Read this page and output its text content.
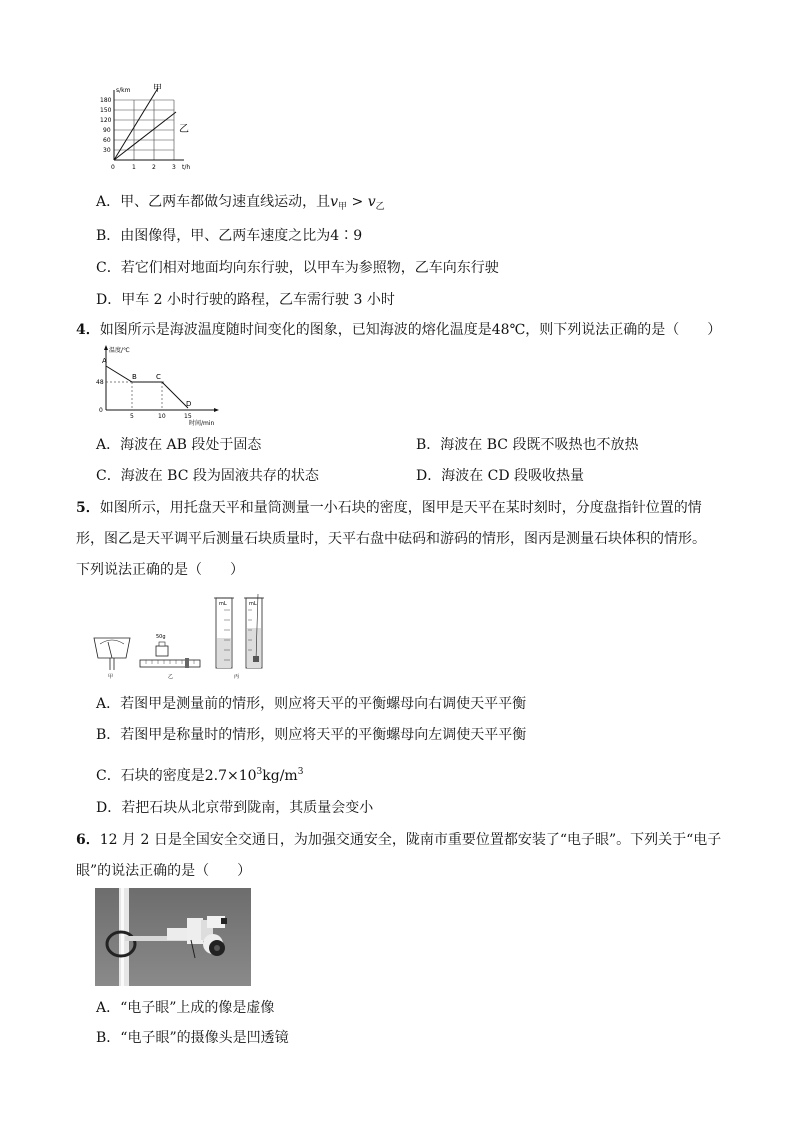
s/km	甲
乙
180
150
120
90
60
30
0	1	2	3 t/h
A．甲、乙两车都做匀速直线运动，且$v_甲 > v_乙$
B．由图像得，甲、乙两车速度之比为4∶9
C．若它们相对地面均向东行驶，以甲车为参照物，乙车向东行驶
D．甲车 2 小时行驶的路程，乙车需行驶 3 小时
4．如图所示是海波温度随时间变化的图象，已知海波的熔化温度是48℃，则下列说法正确的是（　　）
温度/℃
A
B	C
D
48
0
5	10	15
时间/min
A．海波在 AB 段处于固态	B．海波在 BC 段既不吸热也不放热
C．海波在 BC 段为固液共存的状态	D．海波在 CD 段吸收热量
5．如图所示，用托盘天平和量筒测量一小石块的密度，图甲是天平在某时刻时，分度盘指针位置的情
形，图乙是天平调平后测量石块质量时，天平右盘中砝码和游码的情形，图丙是测量石块体积的情形。
下列说法正确的是（　　）
甲
50g
乙
mL	mL
丙
A．若图甲是测量前的情形，则应将天平的平衡螺母向右调使天平平衡
B．若图甲是称量时的情形，则应将天平的平衡螺母向左调使天平平衡
C．石块的密度是$2.7\times 10^3kg/m^3$
D．若把石块从北京带到陇南，其质量会变小
6．12 月 2 日是全国安全交通日，为加强交通安全，陇南市重要位置都安装了“电子眼”。下列关于“电子
眼”的说法正确的是（　　）
A．“电子眼”上成的像是虚像
B．“电子眼”的摄像头是凹透镜
